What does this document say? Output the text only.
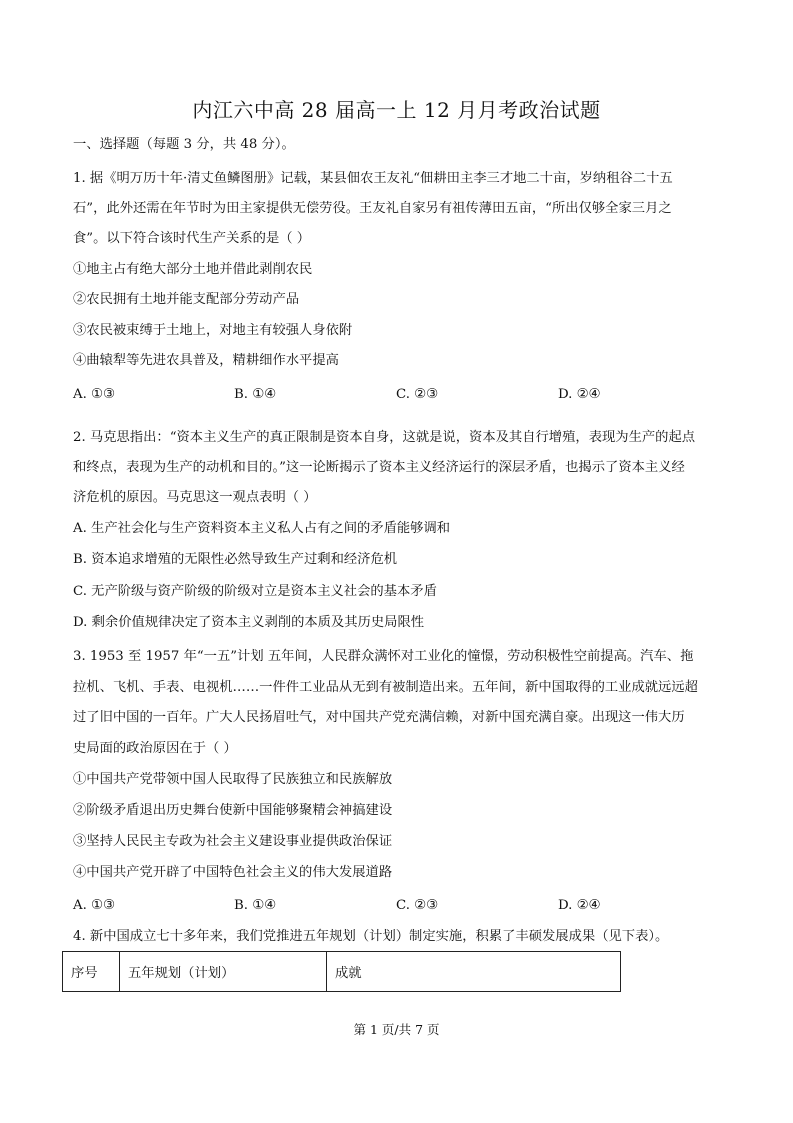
内江六中高 28 届高一上 12 月月考政治试题
一、选择题（每题 3 分，共 48 分）。
1. 据《明万历十年·清丈鱼鳞图册》记载，某县佃农王友礼“佃耕田主李三才地二十亩，岁纳租谷二十五
石”，此外还需在年节时为田主家提供无偿劳役。王友礼自家另有祖传薄田五亩，“所出仅够全家三月之
食”。以下符合该时代生产关系的是（ ）
①地主占有绝大部分土地并借此剥削农民
②农民拥有土地并能支配部分劳动产品
③农民被束缚于土地上，对地主有较强人身依附
④曲辕犁等先进农具普及，精耕细作水平提高
A. ①③	B. ①④	C. ②③	D. ②④
2. 马克思指出：“资本主义生产的真正限制是资本自身，这就是说，资本及其自行增殖，表现为生产的起点
和终点，表现为生产的动机和目的。”这一论断揭示了资本主义经济运行的深层矛盾，也揭示了资本主义经
济危机的原因。马克思这一观点表明（ ）
A. 生产社会化与生产资料资本主义私人占有之间的矛盾能够调和
B. 资本追求增殖的无限性必然导致生产过剩和经济危机
C. 无产阶级与资产阶级的阶级对立是资本主义社会的基本矛盾
D. 剩余价值规律决定了资本主义剥削的本质及其历史局限性
3. 1953 至 1957 年“一五”计划 五年间，人民群众满怀对工业化的憧憬，劳动积极性空前提高。汽车、拖
拉机、飞机、手表、电视机……一件件工业品从无到有被制造出来。五年间，新中国取得的工业成就远远超
过了旧中国的一百年。广大人民扬眉吐气，对中国共产党充满信赖，对新中国充满自豪。出现这一伟大历
史局面的政治原因在于（ ）
①中国共产党带领中国人民取得了民族独立和民族解放
②阶级矛盾退出历史舞台使新中国能够聚精会神搞建设
③坚持人民民主专政为社会主义建设事业提供政治保证
④中国共产党开辟了中国特色社会主义的伟大发展道路
A. ①③	B. ①④	C. ②③	D. ②④
4. 新中国成立七十多年来，我们党推进五年规划（计划）制定实施，积累了丰硕发展成果（见下表）。
序号	五年规划（计划）	成就
第 1 页/共 7 页
